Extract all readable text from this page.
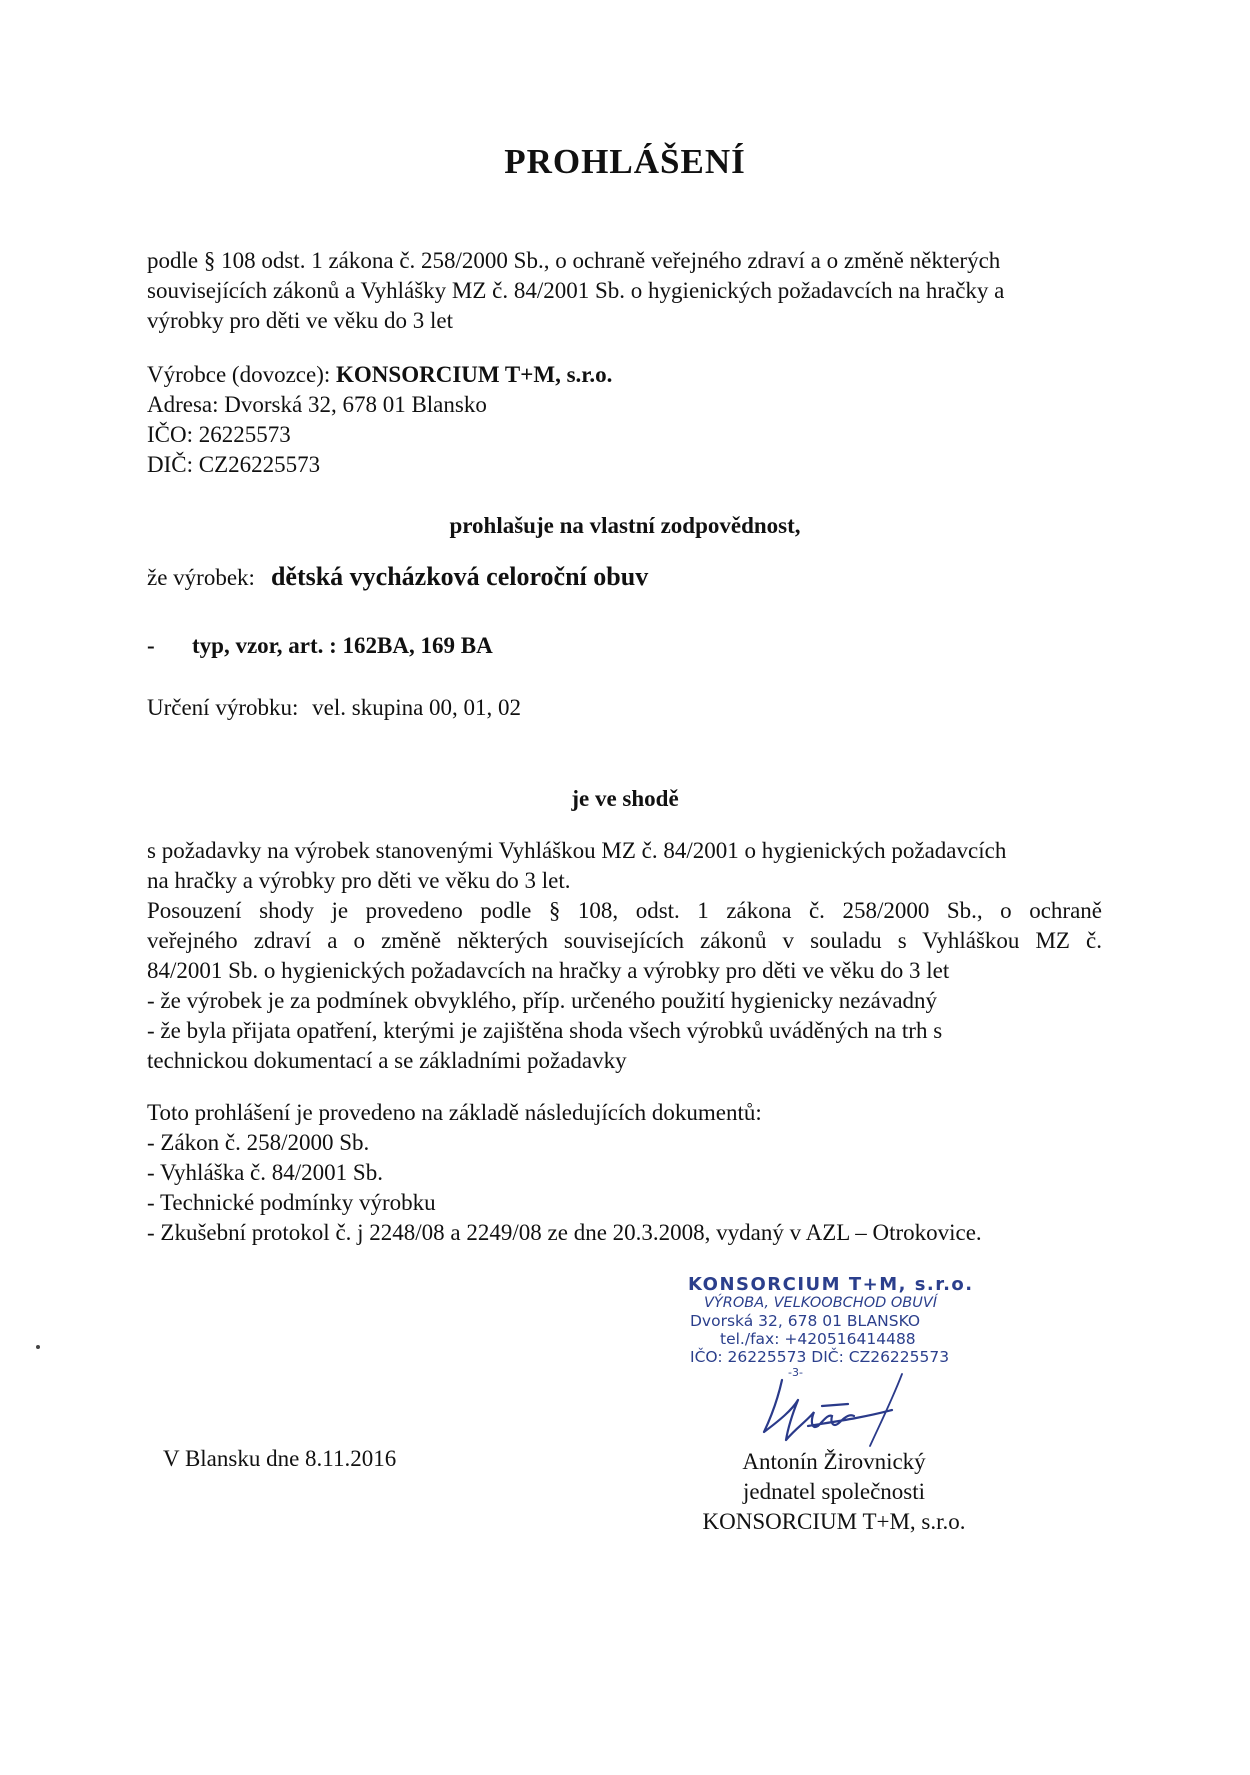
PROHLÁŠENÍ
podle § 108 odst. 1 zákona č. 258/2000 Sb., o ochraně veřejného zdraví a o změně některých
souvisejících zákonů a Vyhlášky MZ č. 84/2001 Sb. o hygienických požadavcích na hračky a
výrobky pro děti ve věku do 3 let
Výrobce (dovozce): KONSORCIUM T+M, s.r.o.
Adresa: Dvorská 32, 678 01 Blansko
IČO: 26225573
DIČ: CZ26225573
prohlašuje na vlastní zodpovědnost,
že výrobek: dětská vycházková celoroční obuv
- typ, vzor, art. : 162BA, 169 BA
Určení výrobku: vel. skupina 00, 01, 02
je ve shodě
s požadavky na výrobek stanovenými Vyhláškou MZ č. 84/2001 o hygienických požadavcích
na hračky a výrobky pro děti ve věku do 3 let.
Posouzení shody je provedeno podle § 108, odst. 1 zákona č. 258/2000 Sb., o ochraně
veřejného zdraví a o změně některých souvisejících zákonů v souladu s Vyhláškou MZ č.
84/2001 Sb. o hygienických požadavcích na hračky a výrobky pro děti ve věku do 3 let
- že výrobek je za podmínek obvyklého, příp. určeného použití hygienicky nezávadný
- že byla přijata opatření, kterými je zajištěna shoda všech výrobků uváděných na trh s
technickou dokumentací a se základními požadavky
Toto prohlášení je provedeno na základě následujících dokumentů:
- Zákon č. 258/2000 Sb.
- Vyhláška č. 84/2001 Sb.
- Technické podmínky výrobku
- Zkušební protokol č. j 2248/08 a 2249/08 ze dne 20.3.2008, vydaný v AZL – Otrokovice.
KONSORCIUM T+M, s.r.o.
VÝROBA, VELKOOBCHOD OBUVÍ
Dvorská 32, 678 01 BLANSKO
tel./fax: +420516414488
IČO: 26225573 DIČ: CZ26225573
-3-
V Blansku dne 8.11.2016	Antonín Žirovnický
jednatel společnosti
KONSORCIUM T+M, s.r.o.
